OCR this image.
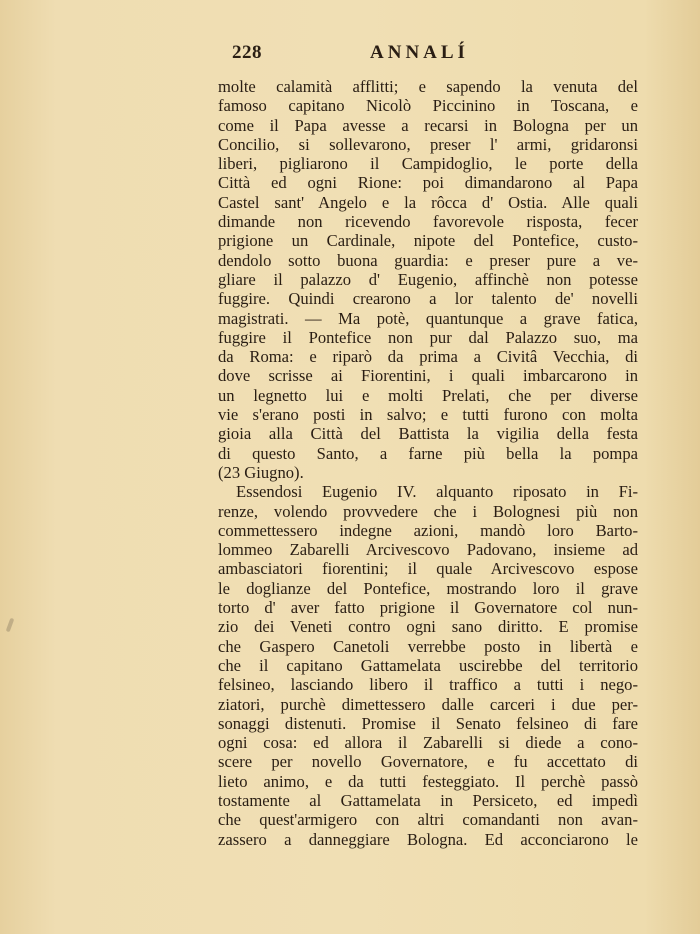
228	ANNALÍ
molte calamità afflitti; e sapendo la venuta del
famoso capitano Nicolò Piccinino in Toscana, e
come il Papa avesse a recarsi in Bologna per un
Concilio, si sollevarono, preser l' armi, gridaronsi
liberi, pigliarono il Campidoglio, le porte della
Città ed ogni Rione: poi dimandarono al Papa
Castel sant' Angelo e la rôcca d' Ostia. Alle quali
dimande non ricevendo favorevole risposta, fecer
prigione un Cardinale, nipote del Pontefice, custo-
dendolo sotto buona guardia: e preser pure a ve-
gliare il palazzo d' Eugenio, affinchè non potesse
fuggire. Quindi crearono a lor talento de' novelli
magistrati. — Ma potè, quantunque a grave fatica,
fuggire il Pontefice non pur dal Palazzo suo, ma
da Roma: e riparò da prima a Civitâ Vecchia, di
dove scrisse ai Fiorentini, i quali imbarcarono in
un legnetto lui e molti Prelati, che per diverse
vie s'erano posti in salvo; e tutti furono con molta
gioia alla Città del Battista la vigilia della festa
di questo Santo, a farne più bella la pompa
(23 Giugno).
Essendosi Eugenio IV. alquanto riposato in Fi-
renze, volendo provvedere che i Bolognesi più non
commettessero indegne azioni, mandò loro Barto-
lommeo Zabarelli Arcivescovo Padovano, insieme ad
ambasciatori fiorentini; il quale Arcivescovo espose
le doglianze del Pontefice, mostrando loro il grave
torto d' aver fatto prigione il Governatore col nun-
zio dei Veneti contro ogni sano diritto. E promise
che Gaspero Canetoli verrebbe posto in libertà e
che il capitano Gattamelata uscirebbe del territorio
felsineo, lasciando libero il traffico a tutti i nego-
ziatori, purchè dimettessero dalle carceri i due per-
sonaggi distenuti. Promise il Senato felsineo di fare
ogni cosa: ed allora il Zabarelli si diede a cono-
scere per novello Governatore, e fu accettato di
lieto animo, e da tutti festeggiato. Il perchè passò
tostamente al Gattamelata in Persiceto, ed impedì
che quest'armigero con altri comandanti non avan-
zassero a danneggiare Bologna. Ed acconciarono le
